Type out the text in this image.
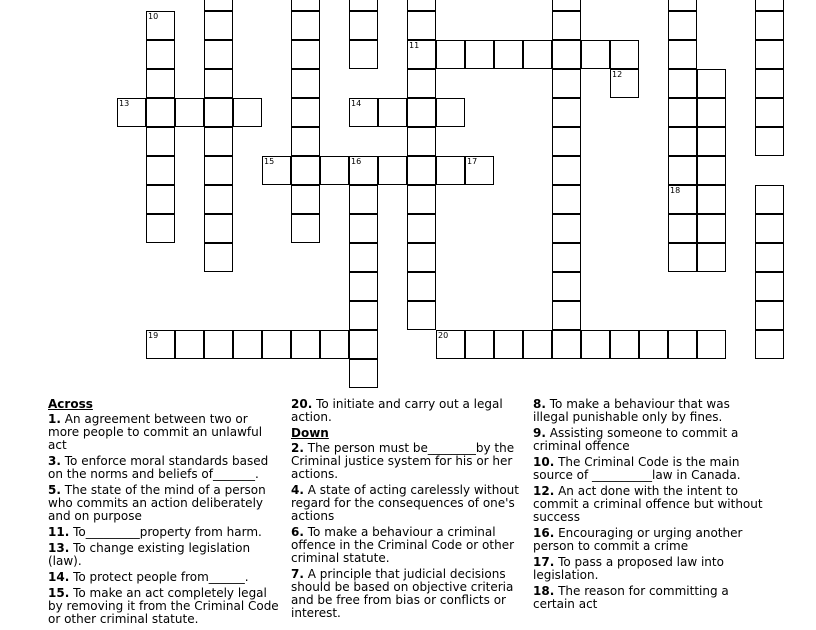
10
11
18
16
13	14
15	17
19	20
12
Across
1. An agreement between two or more people to commit an unlawful act
3. To enforce moral standards based on the norms and beliefs of_______.
5. The state of the mind of a person who commits an action deliberately and on purpose
11. To_________property from harm.
13. To change existing legislation (law).
14. To protect people from______.
15. To make an act completely legal by removing it from the Criminal Code or other criminal statute.
20. To initiate and carry out a legal action.
Down
2. The person must be________by the Criminal justice system for his or her actions.
4. A state of acting carelessly without regard for the consequences of one's actions
6. To make a behaviour a criminal offence in the Criminal Code or other criminal statute.
7. A principle that judicial decisions should be based on objective criteria and be free from bias or conflicts or interest.
8. To make a behaviour that was illegal punishable only by fines.
9. Assisting someone to commit a criminal offence
10. The Criminal Code is the main source of __________law in Canada.
12. An act done with the intent to commit a criminal offence but without success
16. Encouraging or urging another person to commit a crime
17. To pass a proposed law into legislation.
18. The reason for committing a certain act
